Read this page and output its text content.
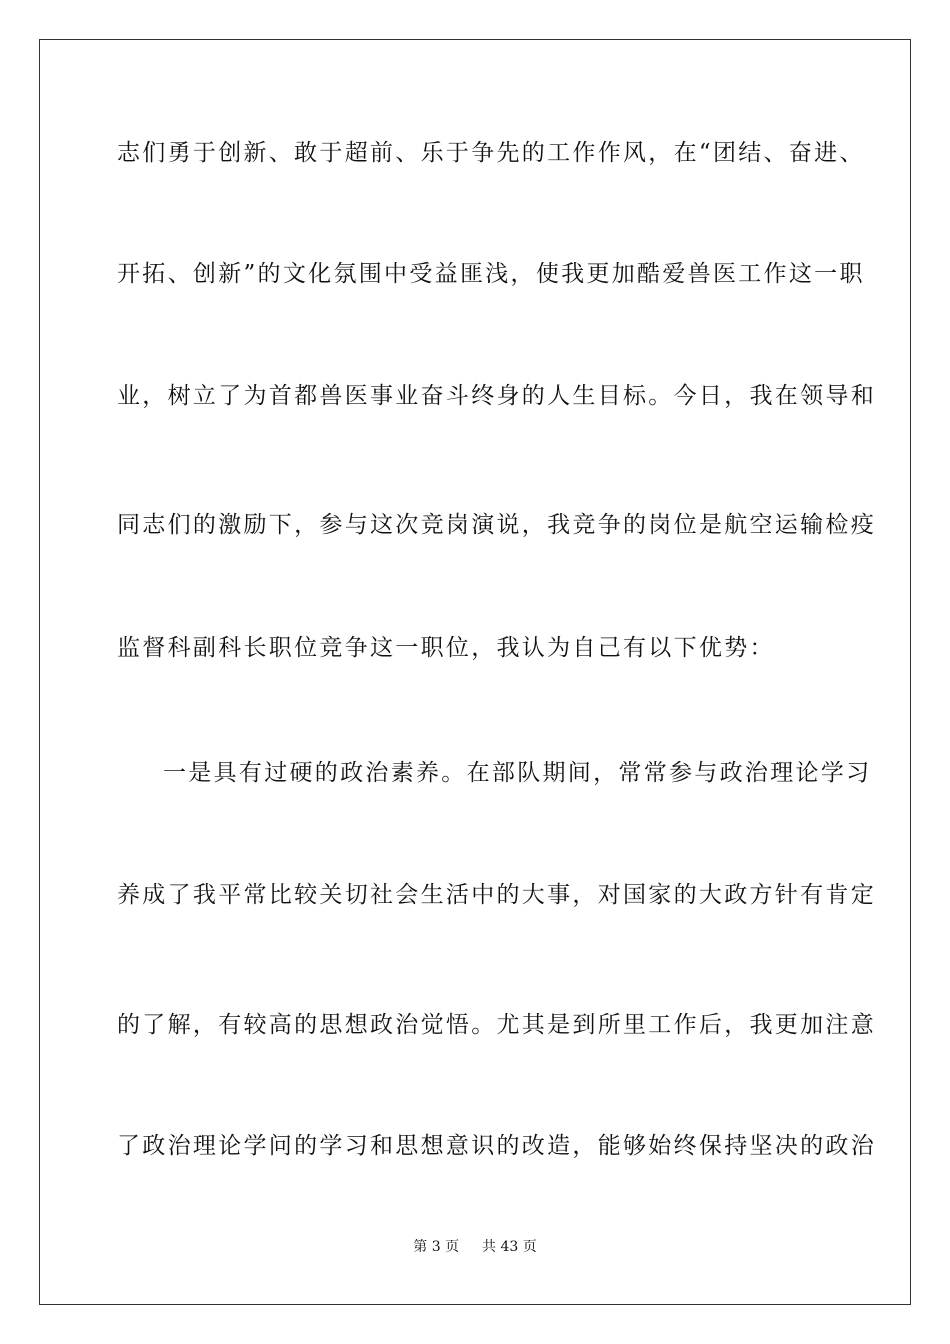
志们勇于创新、敢于超前、乐于争先的工作作风，在“团结、奋进、
开拓、创新”的文化氛围中受益匪浅，使我更加酷爱兽医工作这一职
业，树立了为首都兽医事业奋斗终身的人生目标。今日，我在领导和
同志们的激励下，参与这次竞岗演说，我竞争的岗位是航空运输检疫
监督科副科长职位竞争这一职位，我认为自己有以下优势：
一是具有过硬的政治素养。在部队期间，常常参与政治理论学习
养成了我平常比较关切社会生活中的大事，对国家的大政方针有肯定
的了解，有较高的思想政治觉悟。尤其是到所里工作后，我更加注意
了政治理论学问的学习和思想意识的改造，能够始终保持坚决的政治
第 3 页 共 43 页
